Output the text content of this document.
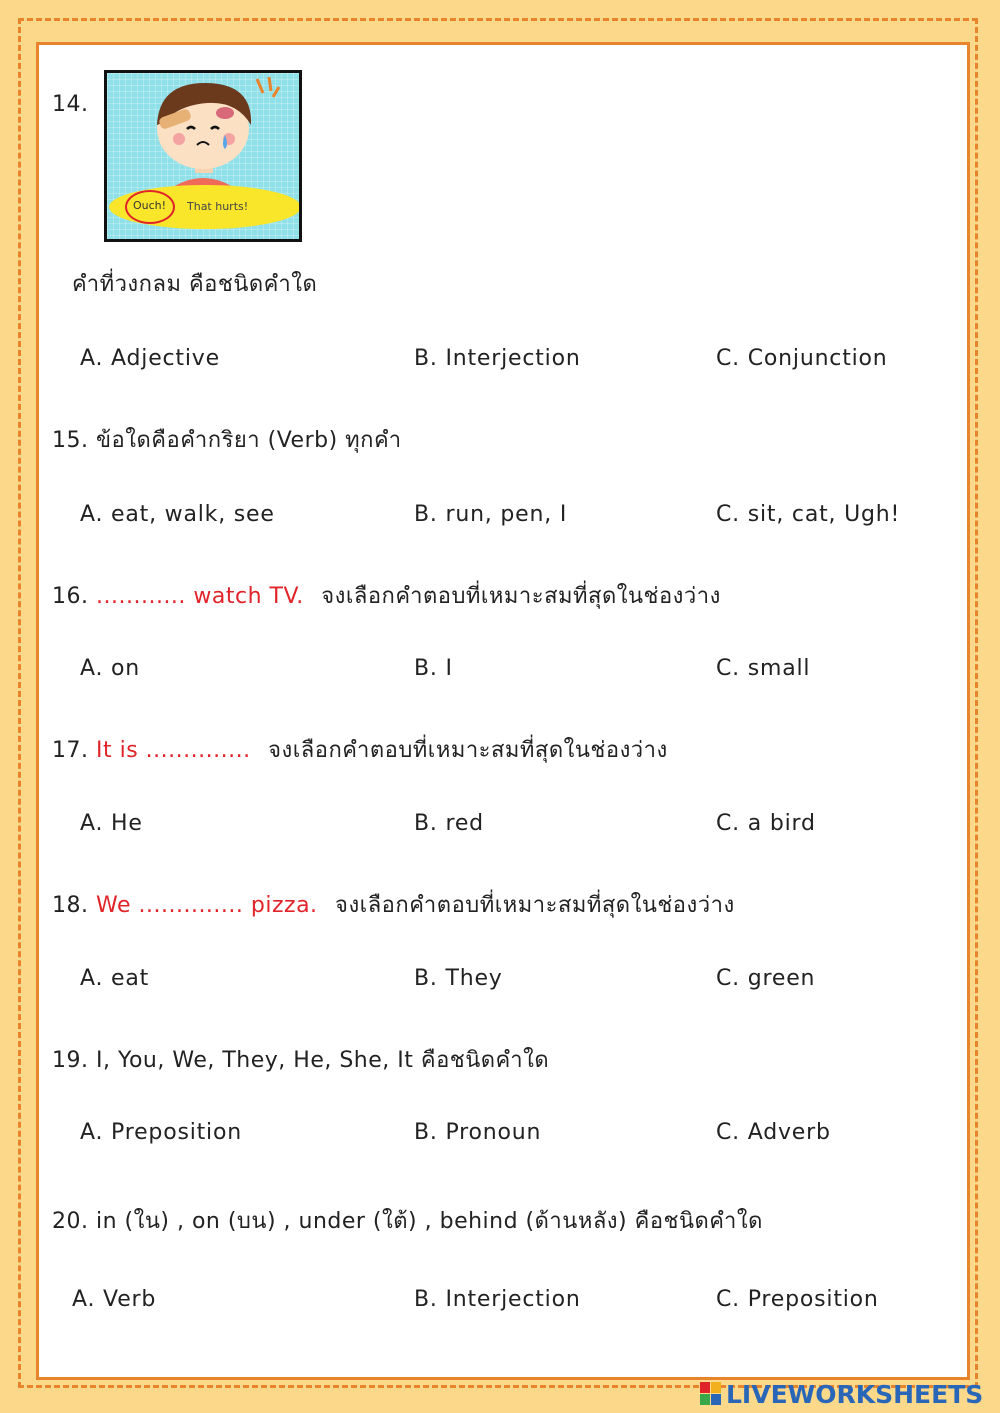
14.
Ouch! That hurts!
คำที่วงกลม คือชนิดคำใด
A. Adjective	B. Interjection	C. Conjunction
15. ข้อใดคือคำกริยา (Verb) ทุกคำ
A. eat, walk, see	B. run, pen, I	C. sit, cat, Ugh!
16. ............ watch TV. จงเลือกคำตอบที่เหมาะสมที่สุดในช่องว่าง
A. on	B. I	C. small
17. It is .............. จงเลือกคำตอบที่เหมาะสมที่สุดในช่องว่าง
A. He	B. red	C. a bird
18. We .............. pizza. จงเลือกคำตอบที่เหมาะสมที่สุดในช่องว่าง
A. eat	B. They	C. green
19. I, You, We, They, He, She, It คือชนิดคำใด
A. Preposition	B. Pronoun	C. Adverb
20. in (ใน) , on (บน) , under (ใต้) , behind (ด้านหลัง) คือชนิดคำใด
A. Verb	B. Interjection	C. Preposition
LIVEWORKSHEETS
